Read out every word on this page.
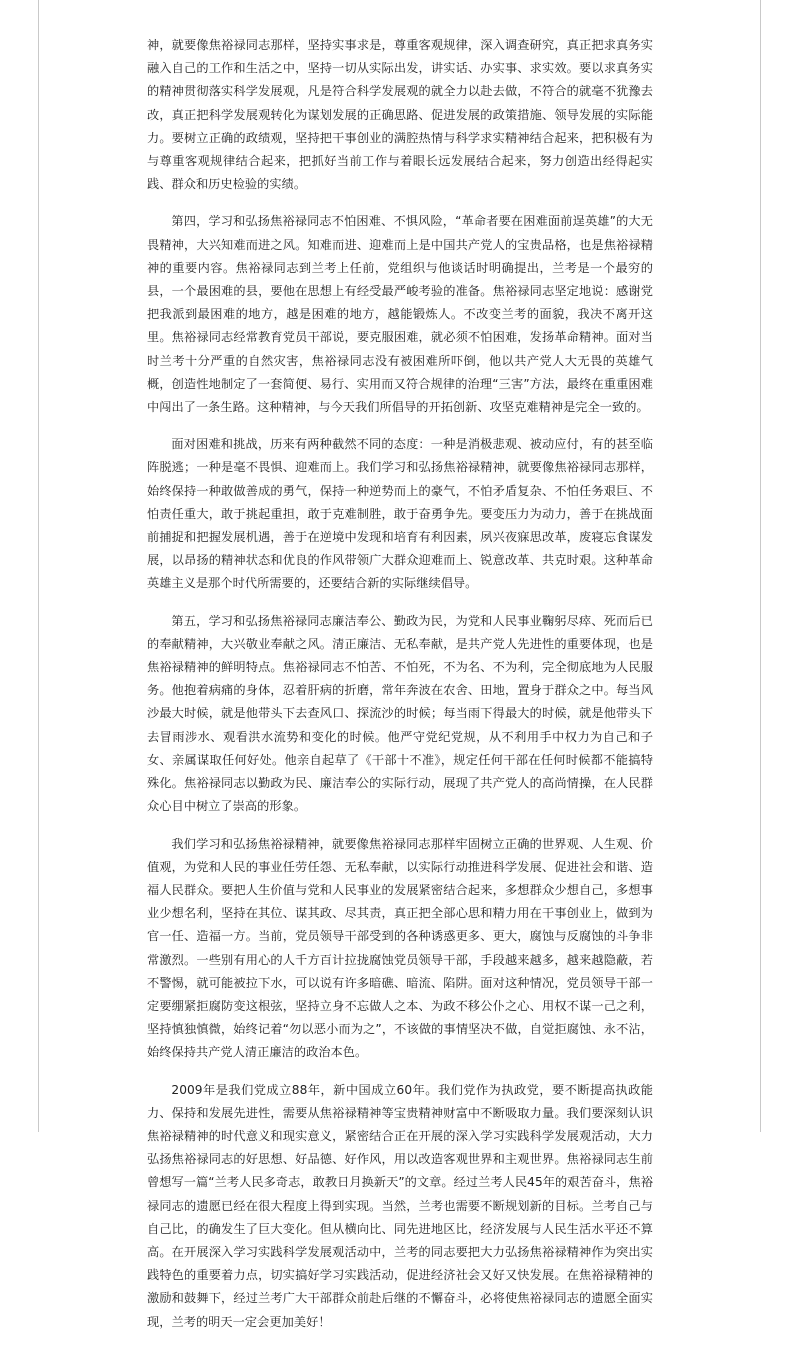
神，就要像焦裕禄同志那样，坚持实事求是，尊重客观规律，深入调查研究，真正把求真务实融入自己的工作和生活之中，坚持一切从实际出发，讲实话、办实事、求实效。要以求真务实的精神贯彻落实科学发展观，凡是符合科学发展观的就全力以赴去做，不符合的就毫不犹豫去改，真正把科学发展观转化为谋划发展的正确思路、促进发展的政策措施、领导发展的实际能力。要树立正确的政绩观，坚持把干事创业的满腔热情与科学求实精神结合起来，把积极有为与尊重客观规律结合起来，把抓好当前工作与着眼长远发展结合起来，努力创造出经得起实践、群众和历史检验的实绩。

第四，学习和弘扬焦裕禄同志不怕困难、不惧风险，“革命者要在困难面前逞英雄”的大无畏精神，大兴知难而进之风。知难而进、迎难而上是中国共产党人的宝贵品格，也是焦裕禄精神的重要内容。焦裕禄同志到兰考上任前，党组织与他谈话时明确提出，兰考是一个最穷的县，一个最困难的县，要他在思想上有经受最严峻考验的准备。焦裕禄同志坚定地说：感谢党把我派到最困难的地方，越是困难的地方，越能锻炼人。不改变兰考的面貌，我决不离开这里。焦裕禄同志经常教育党员干部说，要克服困难，就必须不怕困难，发扬革命精神。面对当时兰考十分严重的自然灾害，焦裕禄同志没有被困难所吓倒，他以共产党人大无畏的英雄气概，创造性地制定了一套简便、易行、实用而又符合规律的治理“三害”方法，最终在重重困难中闯出了一条生路。这种精神，与今天我们所倡导的开拓创新、攻坚克难精神是完全一致的。

面对困难和挑战，历来有两种截然不同的态度：一种是消极悲观、被动应付，有的甚至临阵脱逃；一种是毫不畏惧、迎难而上。我们学习和弘扬焦裕禄精神，就要像焦裕禄同志那样，始终保持一种敢做善成的勇气，保持一种逆势而上的豪气，不怕矛盾复杂、不怕任务艰巨、不怕责任重大，敢于挑起重担，敢于克难制胜，敢于奋勇争先。要变压力为动力，善于在挑战面前捕捉和把握发展机遇，善于在逆境中发现和培育有利因素，夙兴夜寐思改革，废寝忘食谋发展，以昂扬的精神状态和优良的作风带领广大群众迎难而上、锐意改革、共克时艰。这种革命英雄主义是那个时代所需要的，还要结合新的实际继续倡导。

第五，学习和弘扬焦裕禄同志廉洁奉公、勤政为民，为党和人民事业鞠躬尽瘁、死而后已的奉献精神，大兴敬业奉献之风。清正廉洁、无私奉献，是共产党人先进性的重要体现，也是焦裕禄精神的鲜明特点。焦裕禄同志不怕苦、不怕死，不为名、不为利，完全彻底地为人民服务。他抱着病痛的身体，忍着肝病的折磨，常年奔波在农舍、田地，置身于群众之中。每当风沙最大时候，就是他带头下去查风口、探流沙的时候；每当雨下得最大的时候，就是他带头下去冒雨涉水、观看洪水流势和变化的时候。他严守党纪党规，从不利用手中权力为自己和子女、亲属谋取任何好处。他亲自起草了《干部十不准》，规定任何干部在任何时候都不能搞特殊化。焦裕禄同志以勤政为民、廉洁奉公的实际行动，展现了共产党人的高尚情操，在人民群众心目中树立了崇高的形象。

我们学习和弘扬焦裕禄精神，就要像焦裕禄同志那样牢固树立正确的世界观、人生观、价值观，为党和人民的事业任劳任怨、无私奉献，以实际行动推进科学发展、促进社会和谐、造福人民群众。要把人生价值与党和人民事业的发展紧密结合起来，多想群众少想自己，多想事业少想名利，坚持在其位、谋其政、尽其责，真正把全部心思和精力用在干事创业上，做到为官一任、造福一方。当前，党员领导干部受到的各种诱惑更多、更大，腐蚀与反腐蚀的斗争非常激烈。一些别有用心的人千方百计拉拢腐蚀党员领导干部，手段越来越多，越来越隐蔽，若不警惕，就可能被拉下水，可以说有许多暗礁、暗流、陷阱。面对这种情况，党员领导干部一定要绷紧拒腐防变这根弦，坚持立身不忘做人之本、为政不移公仆之心、用权不谋一己之利，坚持慎独慎微，始终记着“勿以恶小而为之”，不该做的事情坚决不做，自觉拒腐蚀、永不沾，始终保持共产党人清正廉洁的政治本色。

2009年是我们党成立88年，新中国成立60年。我们党作为执政党，要不断提高执政能力、保持和发展先进性，需要从焦裕禄精神等宝贵精神财富中不断吸取力量。我们要深刻认识焦裕禄精神的时代意义和现实意义，紧密结合正在开展的深入学习实践科学发展观活动，大力弘扬焦裕禄同志的好思想、好品德、好作风，用以改造客观世界和主观世界。焦裕禄同志生前曾想写一篇“兰考人民多奇志，敢教日月换新天”的文章。经过兰考人民45年的艰苦奋斗，焦裕禄同志的遗愿已经在很大程度上得到实现。当然，兰考也需要不断规划新的目标。兰考自己与自己比，的确发生了巨大变化。但从横向比、同先进地区比，经济发展与人民生活水平还不算高。在开展深入学习实践科学发展观活动中，兰考的同志要把大力弘扬焦裕禄精神作为突出实践特色的重要着力点，切实搞好学习实践活动，促进经济社会又好又快发展。在焦裕禄精神的激励和鼓舞下，经过兰考广大干部群众前赴后继的不懈奋斗，必将使焦裕禄同志的遗愿全面实现，兰考的明天一定会更加美好！
